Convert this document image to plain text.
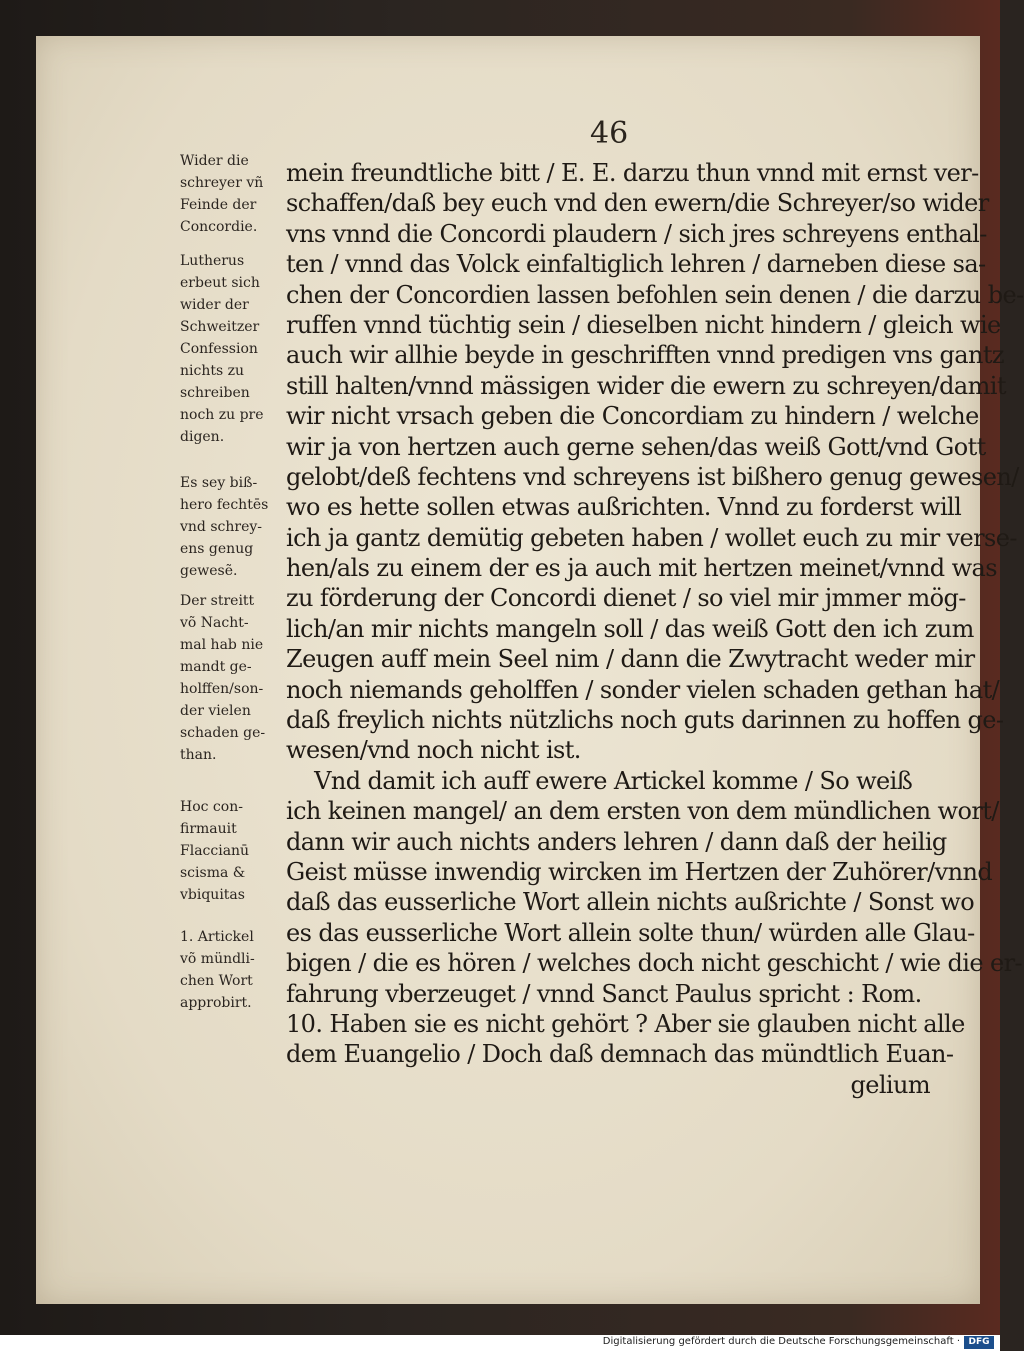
46

Wider die
schreyer vñ
Feinde der
Concordie.

Lutherus
erbeut sich
wider der
Schweitzer
Confession
nichts zu
schreiben
noch zu pre
digen.

Es sey biß-
hero fechtēs
vnd schrey-
ens genug
gewesẽ.

Der streitt
võ Nacht-
mal hab nie
mandt ge-
holffen/son-
der vielen
schaden ge-
than.

Hoc con-
firmauit
Flaccianū
scisma &
vbiquitas

1. Artickel
võ mündli-
chen Wort
approbirt.

mein freundtliche bitt / E. E. darzu thun vnnd mit ernst ver-
schaffen/daß bey euch vnd den ewern/die Schreyer/so wider
vns vnnd die Concordi plaudern / sich jres schreyens enthal-
ten / vnnd das Volck einfaltiglich lehren / darneben diese sa-
chen der Concordien lassen befohlen sein denen / die darzu be-
ruffen vnnd tüchtig sein / dieselben nicht hindern / gleich wie
auch wir allhie beyde in geschrifften vnnd predigen vns gantz
still halten/vnnd mässigen wider die ewern zu schreyen/damit
wir nicht vrsach geben die Concordiam zu hindern / welche
wir ja von hertzen auch gerne sehen/das weiß Gott/vnd Gott
gelobt/deß fechtens vnd schreyens ist bißhero genug gewesen/
wo es hette sollen etwas außrichten. Vnnd zu forderst will
ich ja gantz demütig gebeten haben / wollet euch zu mir verse-
hen/als zu einem der es ja auch mit hertzen meinet/vnnd was
zu förderung der Concordi dienet / so viel mir jmmer mög-
lich/an mir nichts mangeln soll / das weiß Gott den ich zum
Zeugen auff mein Seel nim / dann die Zwytracht weder mir
noch niemands geholffen / sonder vielen schaden gethan hat/
daß freylich nichts nützlichs noch guts darinnen zu hoffen ge-
wesen/vnd noch nicht ist.
Vnd damit ich auff ewere Artickel komme / So weiß
ich keinen mangel/ an dem ersten von dem mündlichen wort/
dann wir auch nichts anders lehren / dann daß der heilig
Geist müsse inwendig wircken im Hertzen der Zuhörer/vnnd
daß das eusserliche Wort allein nichts außrichte / Sonst wo
es das eusserliche Wort allein solte thun/ würden alle Glau-
bigen / die es hören / welches doch nicht geschicht / wie die er-
fahrung vberzeuget / vnnd Sanct Paulus spricht : Rom.
10. Haben sie es nicht gehört ? Aber sie glauben nicht alle
dem Euangelio / Doch daß demnach das mündtlich Euan-
gelium
Digitalisierung gefördert durch die Deutsche Forschungsgemeinschaft · DFG
